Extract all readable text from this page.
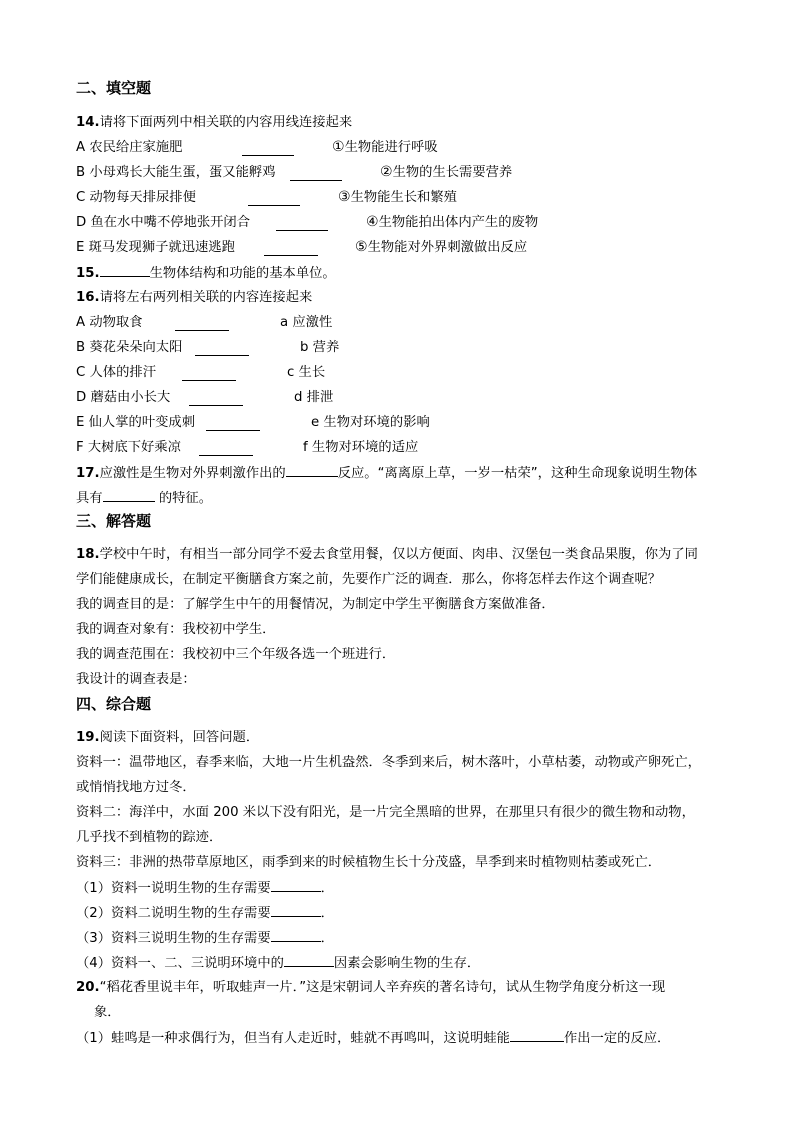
二、填空题
14.请将下面两列中相关联的内容用线连接起来
A 农民给庄家施肥	①生物能进行呼吸
B 小母鸡长大能生蛋，蛋又能孵鸡	②生物的生长需要营养
C 动物每天排尿排便	③生物能生长和繁殖
D 鱼在水中嘴不停地张开闭合	④生物能拍出体内产生的废物
E 斑马发现狮子就迅速逃跑	⑤生物能对外界刺激做出反应
15.	生物体结构和功能的基本单位。
16.请将左右两列相关联的内容连接起来
A 动物取食	a 应激性
B 葵花朵朵向太阳	b 营养
C 人体的排汗	c 生长
D 蘑菇由小长大	d 排泄
E 仙人掌的叶变成刺	e 生物对环境的影响
F 大树底下好乘凉	f 生物对环境的适应
17.应激性是生物对外界刺激作出的	反应。“离离原上草，一岁一枯荣”，这种生命现象说明生物体
具有	的特征。
三、解答题
18.学校中午时，有相当一部分同学不爱去食堂用餐，仅以方便面、肉串、汉堡包一类食品果腹，你为了同
学们能健康成长，在制定平衡膳食方案之前，先要作广泛的调查．那么，你将怎样去作这个调查呢？
我的调查目的是：了解学生中午的用餐情况，为制定中学生平衡膳食方案做准备．
我的调查对象有：我校初中学生．
我的调查范围在：我校初中三个年级各选一个班进行．
我设计的调查表是：
四、综合题
19.阅读下面资料，回答问题．
资料一：温带地区，春季来临，大地一片生机盎然．冬季到来后，树木落叶，小草枯萎，动物或产卵死亡，
或悄悄找地方过冬．
资料二：海洋中，水面 200 米以下没有阳光，是一片完全黑暗的世界，在那里只有很少的微生物和动物，
几乎找不到植物的踪迹．
资料三：非洲的热带草原地区，雨季到来的时候植物生长十分茂盛，旱季到来时植物则枯萎或死亡．
（1）资料一说明生物的生存需要	．
（2）资料二说明生物的生存需要	．
（3）资料三说明生物的生存需要	．
（4）资料一、二、三说明环境中的	因素会影响生物的生存．
20.“稻花香里说丰年，听取蛙声一片．”这是宋朝词人辛弃疾的著名诗句，试从生物学角度分析这一现
象．
（1）蛙鸣是一种求偶行为，但当有人走近时，蛙就不再鸣叫，这说明蛙能	作出一定的反应．
